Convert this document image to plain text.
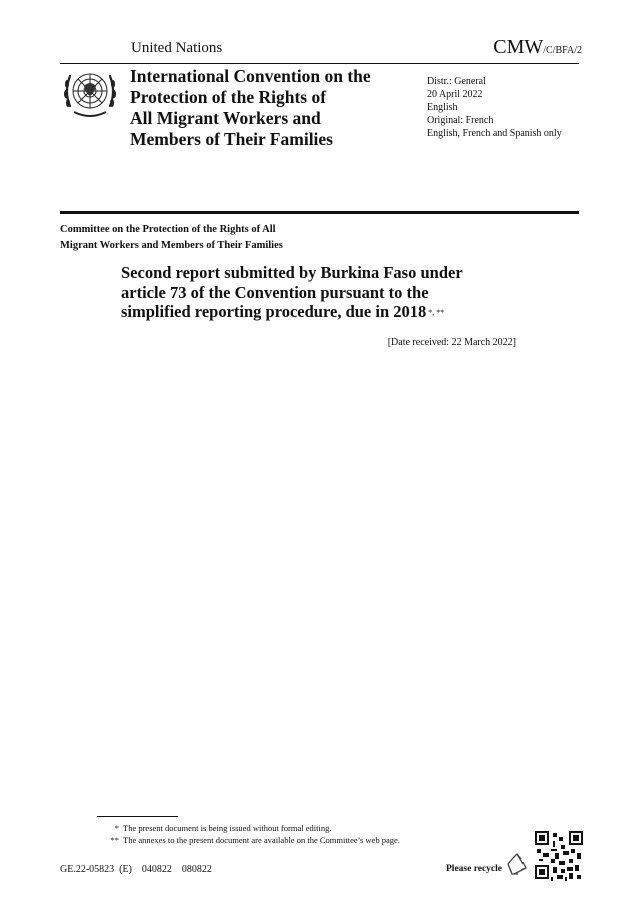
United Nations	CMW/C/BFA/2
International Convention on the
Protection of the Rights of
All Migrant Workers and
Members of Their Families
Distr.: General
20 April 2022
English
Original: French
English, French and Spanish only
Committee on the Protection of the Rights of All
Migrant Workers and Members of Their Families
Second report submitted by Burkina Faso under
article 73 of the Convention pursuant to the
simplified reporting procedure, due in 2018 *, **
[Date received: 22 March 2022]
* The present document is being issued without formal editing.
** The annexes to the present document are available on the Committee’s web page.
GE.22-05823  (E)    040822    080822	Please recycle
